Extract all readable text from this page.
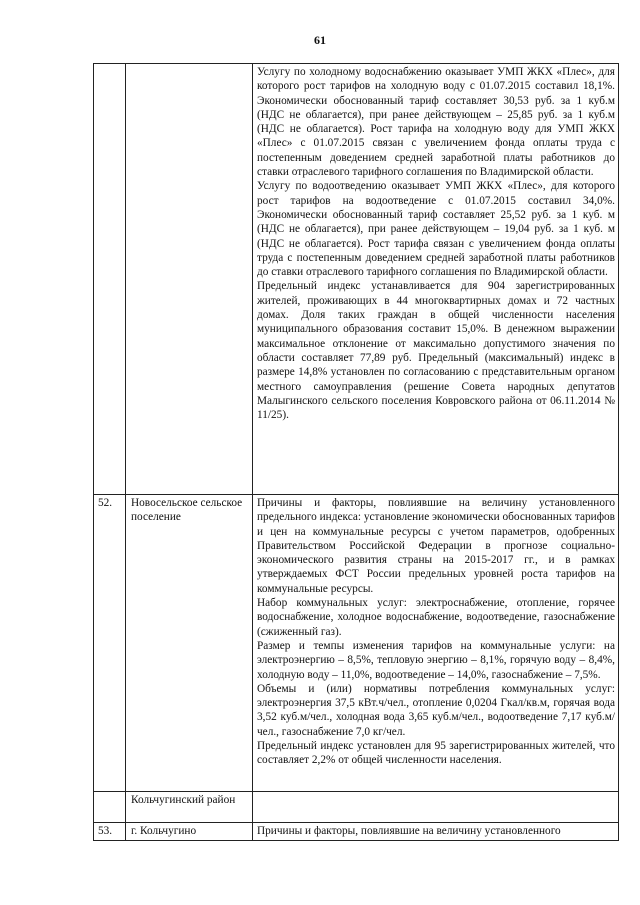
61

		Услугу по холодному водоснабжению оказывает УМП ЖКХ «Плес», для которого рост тарифов на холодную воду с 01.07.2015 составил 18,1%. Экономически обоснованный тариф составляет 30,53 руб. за 1 куб.м (НДС не облагается), при ранее действующем – 25,85 руб. за 1 куб.м (НДС не облагается). Рост тарифа на холодную воду для УМП ЖКХ «Плес» с 01.07.2015 связан с увеличением фонда оплаты труда с постепенным доведением средней заработной платы работников до ставки отраслевого тарифного соглашения по Владимирской области.

Услугу по водоотведению оказывает УМП ЖКХ «Плес», для которого рост тарифов на водоотведение с 01.07.2015 составил 34,0%. Экономически обоснованный тариф составляет 25,52 руб. за 1 куб. м (НДС не облагается), при ранее действующем – 19,04 руб. за 1 куб. м (НДС не облагается). Рост тарифа связан с увеличением фонда оплаты труда с постепенным доведением средней заработной платы работников до ставки отраслевого тарифного соглашения по Владимирской области.

Предельный индекс устанавливается для 904 зарегистрированных жителей, проживающих в 44 многоквартирных домах и 72 частных домах. Доля таких граждан в общей численности населения муниципального образования составит 15,0%. В денежном выражении максимальное отклонение от максимально допустимого значения по области составляет 77,89 руб. Предельный (максимальный) индекс в размере 14,8% установлен по согласованию с представительным органом местного самоуправления (решение Совета народных депутатов Малыгинского сельского поселения Ковровского района от 06.11.2014 № 11/25).

52.	Новосельское сельское поселение	Причины и факторы, повлиявшие на величину установленного предельного индекса: установление экономически обоснованных тарифов и цен на коммунальные ресурсы с учетом параметров, одобренных Правительством Российской Федерации в прогнозе социально-экономического развития страны на 2015-2017 гг., и в рамках утверждаемых ФСТ России предельных уровней роста тарифов на коммунальные ресурсы.

Набор коммунальных услуг: электроснабжение, отопление, горячее водоснабжение, холодное водоснабжение, водоотведение, газоснабжение (сжиженный газ).

Размер и темпы изменения тарифов на коммунальные услуги: на электроэнергию – 8,5%, тепловую энергию – 8,1%, горячую воду – 8,4%, холодную воду – 11,0%, водоотведение – 14,0%, газоснабжение – 7,5%.

Объемы и (или) нормативы потребления коммунальных услуг: электроэнергия 37,5 кВт.ч/чел., отопление 0,0204 Гкал/кв.м, горячая вода 3,52 куб.м/чел., холодная вода 3,65 куб.м/чел., водоотведение 7,17 куб.м/чел., газоснабжение 7,0 кг/чел.

Предельный индекс установлен для 95 зарегистрированных жителей, что составляет 2,2% от общей численности населения.

	Кольчугинский район	

53.	г. Кольчугино	Причины и факторы, повлиявшие на величину установленного
